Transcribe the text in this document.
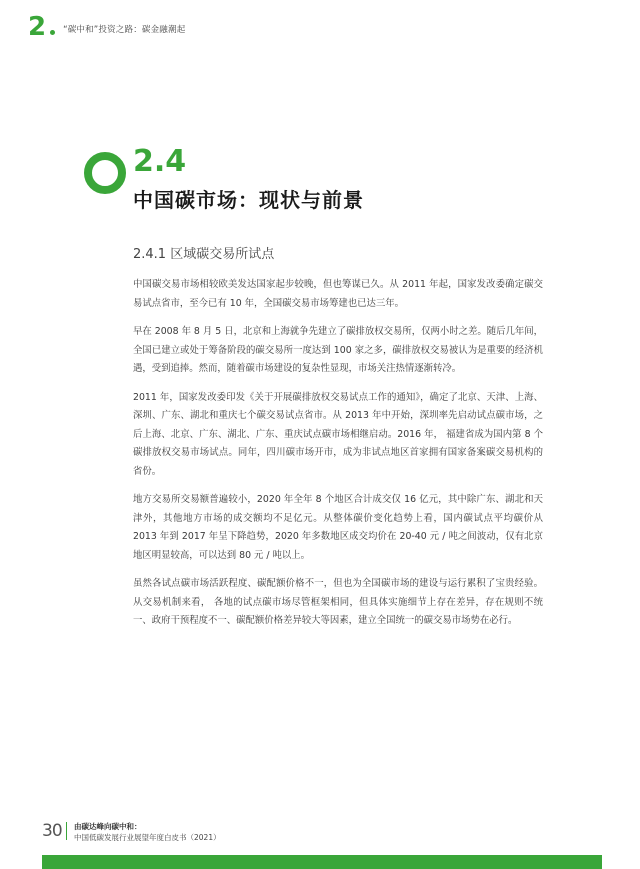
2 “碳中和”投资之路：碳金融潮起
2.4
中国碳市场：现状与前景
2.4.1 区域碳交易所试点

中国碳交易市场相较欧美发达国家起步较晚，但也筹谋已久。从 2011 年起，国家发改委确定碳交易试点省市，至今已有 10 年，全国碳交易市场筹建也已达三年。

早在 2008 年 8 月 5 日，北京和上海就争先建立了碳排放权交易所，仅两小时之差。随后几年间，全国已建立或处于筹备阶段的碳交易所一度达到 100 家之多，碳排放权交易被认为是重要的经济机遇，受到追捧。然而，随着碳市场建设的复杂性显现，市场关注热情逐渐转冷。

2011 年，国家发改委印发《关于开展碳排放权交易试点工作的通知》，确定了北京、天津、上海、深圳、广东、湖北和重庆七个碳交易试点省市。从 2013 年中开始，深圳率先启动试点碳市场，之后上海、北京、广东、湖北、广东、重庆试点碳市场相继启动。2016 年， 福建省成为国内第 8 个碳排放权交易市场试点。同年，四川碳市场开市，成为非试点地区首家拥有国家备案碳交易机构的省份。

地方交易所交易额普遍较小，2020 年全年 8 个地区合计成交仅 16 亿元，其中除广东、湖北和天津外，其他地方市场的成交额均不足亿元。从整体碳价变化趋势上看，国内碳试点平均碳价从 2013 年到 2017 年呈下降趋势，2020 年多数地区成交均价在 20-40 元 / 吨之间波动，仅有北京地区明显较高，可以达到 80 元 / 吨以上。

虽然各试点碳市场活跃程度、碳配额价格不一，但也为全国碳市场的建设与运行累积了宝贵经验。从交易机制来看， 各地的试点碳市场尽管框架相同，但具体实施细节上存在差异，存在规则不统一、政府干预程度不一、碳配额价格差异较大等因素，建立全国统一的碳交易市场势在必行。

30 由碳达峰向碳中和：
中国低碳发展行业展望年度白皮书（2021）
